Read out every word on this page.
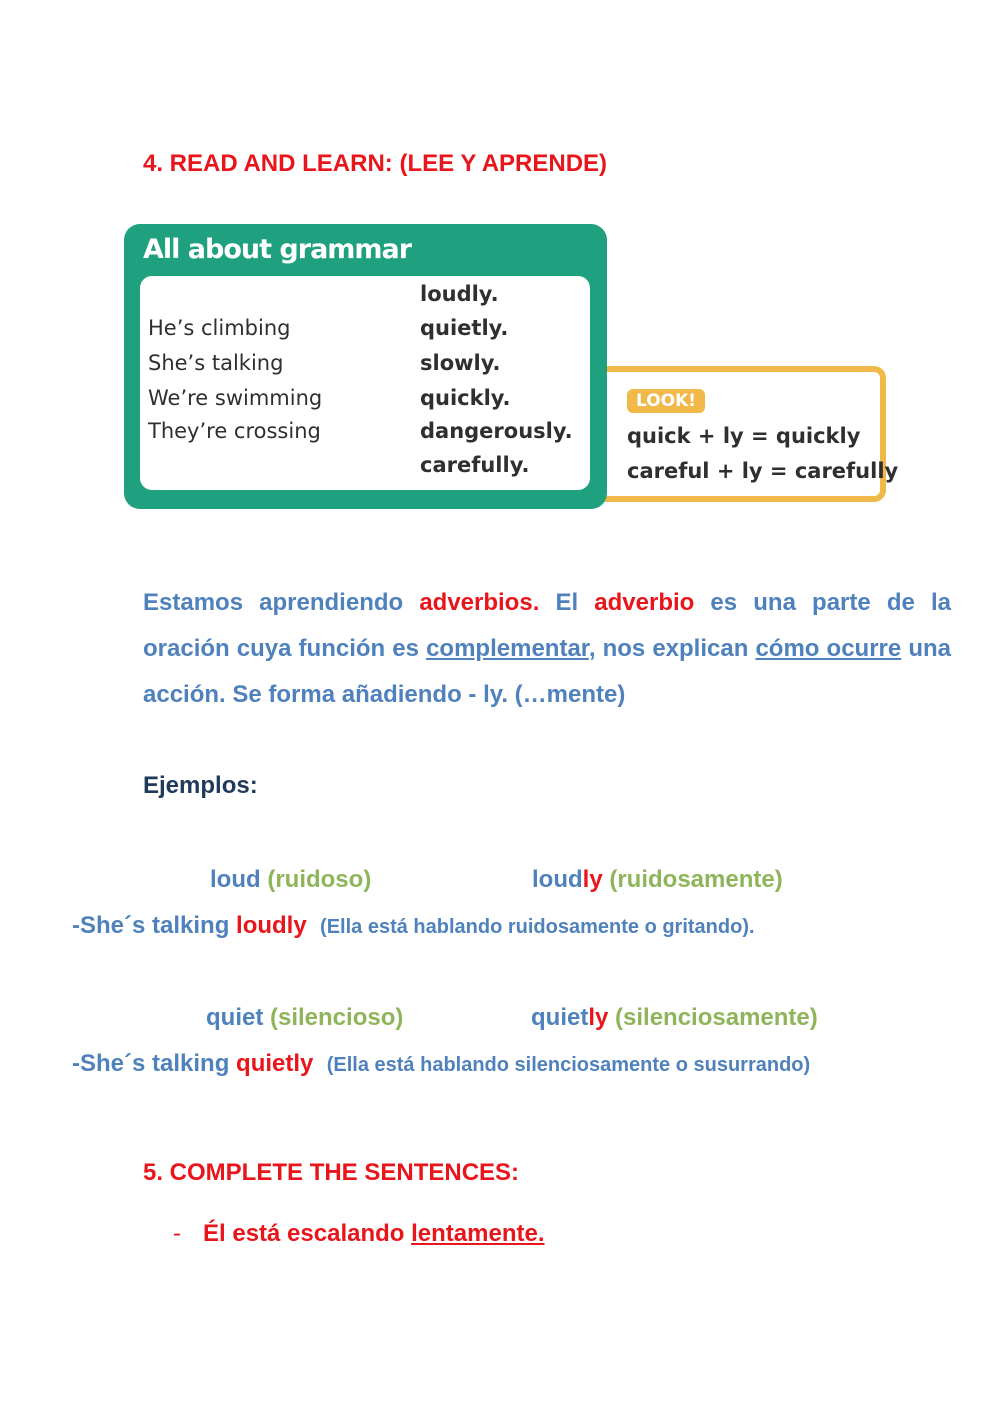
4. READ AND LEARN: (LEE Y APRENDE)
All about grammar
He’s climbing
She’s talking
We’re swimming
They’re crossing
loudly.
quietly.
slowly.
quickly.
dangerously.
carefully.
LOOK!
quick + ly = quickly
careful + ly = carefully
Estamos aprendiendo adverbios. El adverbio es una parte de la oración cuya función es complementar, nos explican cómo ocurre una acción. Se forma añadiendo - ly. (…mente)
Ejemplos:
loud (ruidoso)	loudly (ruidosamente)
-She´s talking loudly (Ella está hablando ruidosamente o gritando).
quiet (silencioso)	quietly (silenciosamente)
-She´s talking quietly (Ella está hablando silenciosamente o susurrando)
5. COMPLETE THE SENTENCES:
- Él está escalando lentamente.
